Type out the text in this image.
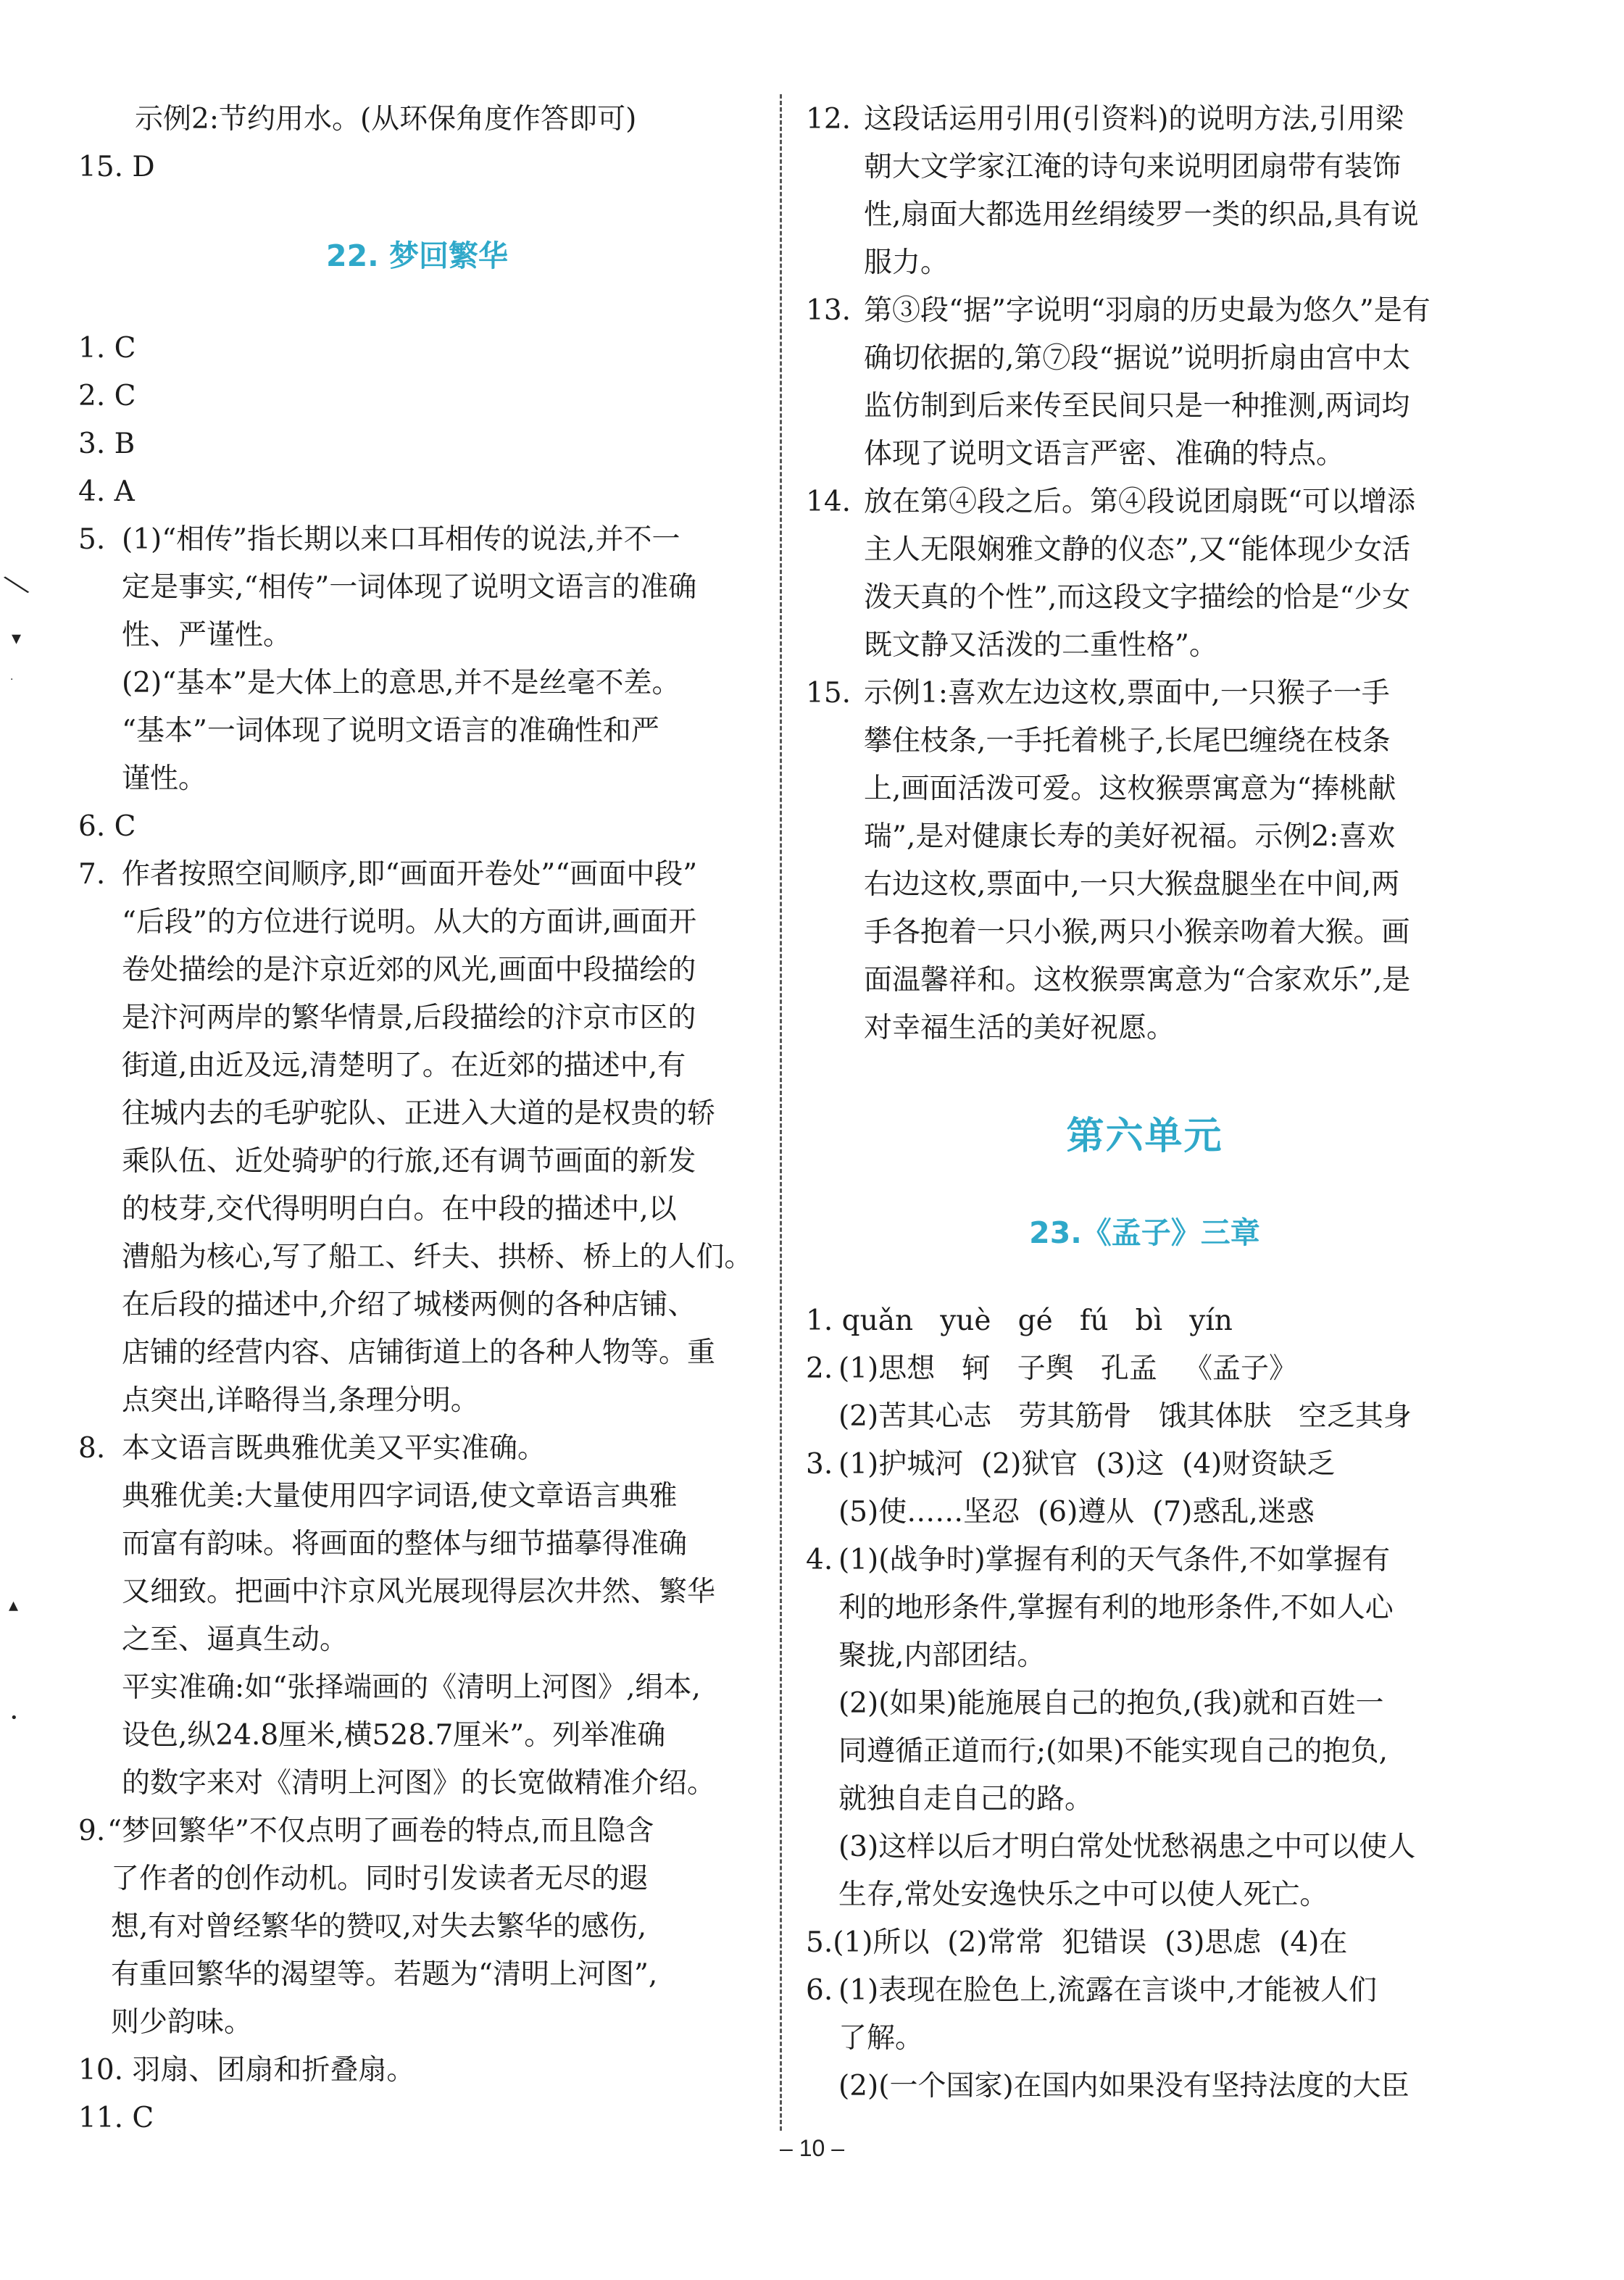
示例2:节约用水。(从环保角度作答即可)
15. D
22. 梦回繁华
1. C
2. C
3. B
4. A
5. (1)“相传”指长期以来口耳相传的说法,并不一
定是事实,“相传”一词体现了说明文语言的准确
性、严谨性。
(2)“基本”是大体上的意思,并不是丝毫不差。
“基本”一词体现了说明文语言的准确性和严
谨性。
6. C
7. 作者按照空间顺序,即“画面开卷处”“画面中段”
“后段”的方位进行说明。从大的方面讲,画面开
卷处描绘的是汴京近郊的风光,画面中段描绘的
是汴河两岸的繁华情景,后段描绘的汴京市区的
街道,由近及远,清楚明了。在近郊的描述中,有
往城内去的毛驴驼队、正进入大道的是权贵的轿
乘队伍、近处骑驴的行旅,还有调节画面的新发
的枝芽,交代得明明白白。在中段的描述中,以
漕船为核心,写了船工、纤夫、拱桥、桥上的人们。
在后段的描述中,介绍了城楼两侧的各种店铺、
店铺的经营内容、店铺街道上的各种人物等。重
点突出,详略得当,条理分明。
8. 本文语言既典雅优美又平实准确。
典雅优美:大量使用四字词语,使文章语言典雅
而富有韵味。将画面的整体与细节描摹得准确
又细致。把画中汴京风光展现得层次井然、繁华
之至、逼真生动。
平实准确:如“张择端画的《清明上河图》,绢本,
设色,纵24.8厘米,横528.7厘米”。列举准确
的数字来对《清明上河图》的长宽做精准介绍。
9. “梦回繁华”不仅点明了画卷的特点,而且隐含
了作者的创作动机。同时引发读者无尽的遐
想,有对曾经繁华的赞叹,对失去繁华的感伤,
有重回繁华的渴望等。若题为“清明上河图”,
则少韵味。
10. 羽扇、团扇和折叠扇。
11. C
12. 这段话运用引用(引资料)的说明方法,引用梁
朝大文学家江淹的诗句来说明团扇带有装饰
性,扇面大都选用丝绢绫罗一类的织品,具有说
服力。
13. 第③段“据”字说明“羽扇的历史最为悠久”是有
确切依据的,第⑦段“据说”说明折扇由宫中太
监仿制到后来传至民间只是一种推测,两词均
体现了说明文语言严密、准确的特点。
14. 放在第④段之后。第④段说团扇既“可以增添
主人无限娴雅文静的仪态”,又“能体现少女活
泼天真的个性”,而这段文字描绘的恰是“少女
既文静又活泼的二重性格”。
15. 示例1:喜欢左边这枚,票面中,一只猴子一手
攀住枝条,一手托着桃子,长尾巴缠绕在枝条
上,画面活泼可爱。这枚猴票寓意为“捧桃献
瑞”,是对健康长寿的美好祝福。示例2:喜欢
右边这枚,票面中,一只大猴盘腿坐在中间,两
手各抱着一只小猴,两只小猴亲吻着大猴。画
面温馨祥和。这枚猴票寓意为“合家欢乐”,是
对幸福生活的美好祝愿。
第六单元
23.《孟子》三章
1. quǎn   yuè   gé   fú   bì   yín
2. (1)思想   轲   子舆   孔孟   《孟子》
(2)苦其心志   劳其筋骨   饿其体肤   空乏其身
3. (1)护城河  (2)狱官  (3)这  (4)财资缺乏
(5)使……坚忍  (6)遵从  (7)惑乱,迷惑
4. (1)(战争时)掌握有利的天气条件,不如掌握有
利的地形条件,掌握有利的地形条件,不如人心
聚拢,内部团结。
(2)(如果)能施展自己的抱负,(我)就和百姓一
同遵循正道而行;(如果)不能实现自己的抱负,
就独自走自己的路。
(3)这样以后才明白常处忧愁祸患之中可以使人
生存,常处安逸快乐之中可以使人死亡。
5.(1)所以  (2)常常  犯错误  (3)思虑  (4)在
6. (1)表现在脸色上,流露在言谈中,才能被人们
了解。
(2)(一个国家)在国内如果没有坚持法度的大臣
╲
▾
·
▴
•
– 10 –
